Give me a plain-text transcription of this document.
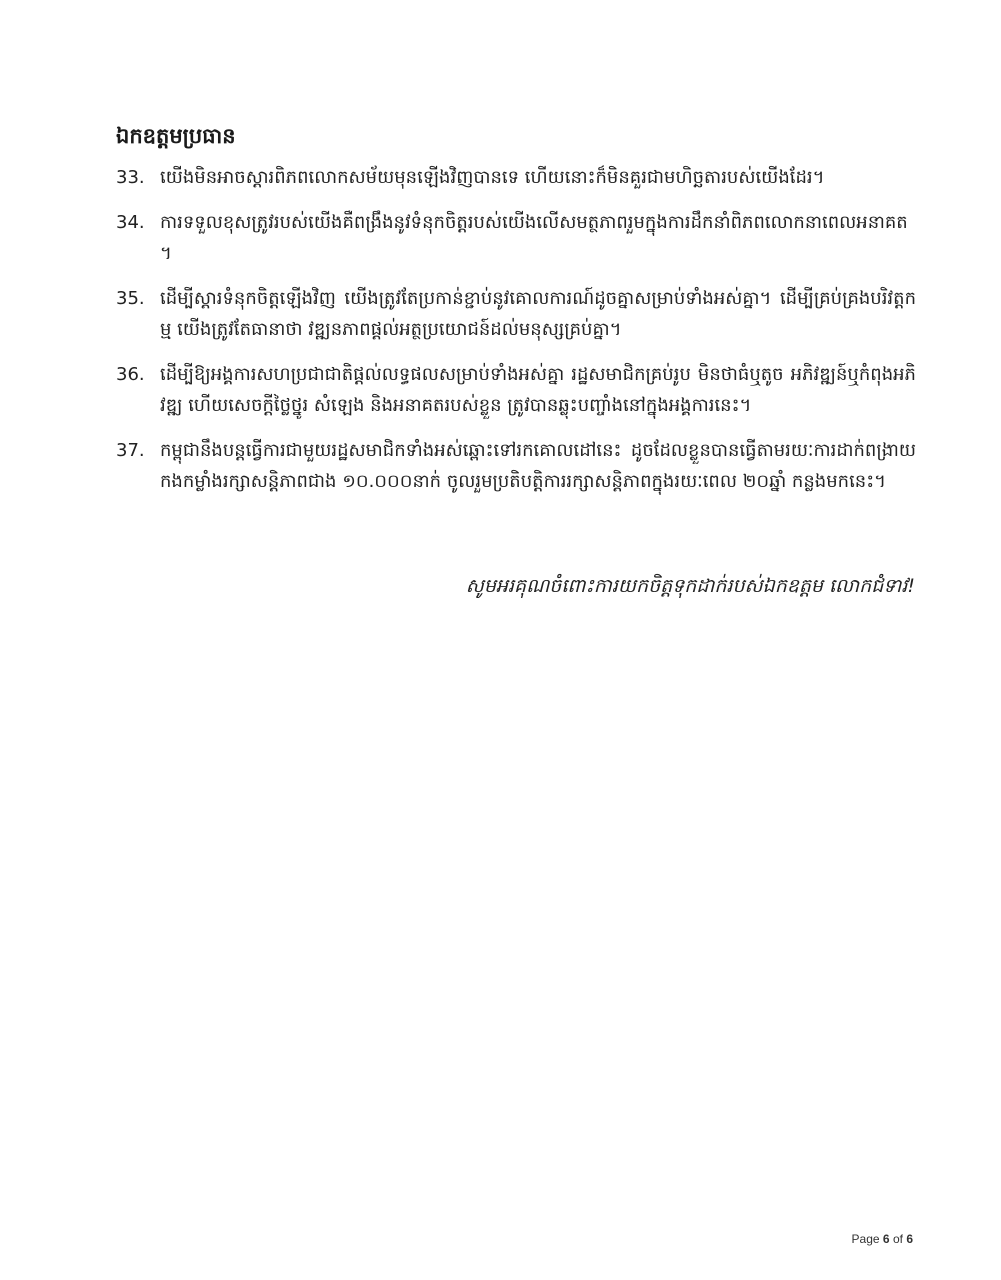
ឯកឧត្តមប្រធាន
33. យើងមិនអាចស្តារពិភពលោកសម័យមុនឡើងវិញបានទេ ហើយនោះក៏មិនគួរជាមហិច្ឆតារបស់យើងដែរ។
34. ការទទួលខុសត្រូវរបស់យើងគឺពង្រឹងនូវទំនុកចិត្តរបស់យើងលើសមត្ថភាពរួមក្នុងការដឹកនាំពិភពលោកនាពេលអនាគត។
35. ដើម្បីស្តារទំនុកចិត្តឡើងវិញ យើងត្រូវតែប្រកាន់ខ្ជាប់នូវគោលការណ៍ដូចគ្នាសម្រាប់ទាំងអស់គ្នា។ ដើម្បីគ្រប់គ្រងបរិវត្តកម្ម យើងត្រូវតែធានាថា វឌ្ឍនភាពផ្តល់អត្ថប្រយោជន៍ដល់មនុស្សគ្រប់គ្នា។
36. ដើម្បីឱ្យអង្គការសហប្រជាជាតិផ្តល់លទ្ធផលសម្រាប់ទាំងអស់គ្នា រដ្ឋសមាជិកគ្រប់រូប មិនថាធំឬតូច អភិវឌ្ឍន៍ឬកំពុងអភិវឌ្ឍ ហើយសេចក្តីថ្លៃថ្នូរ សំឡេង និងអនាគតរបស់ខ្លួន ត្រូវបានឆ្លុះបញ្ចាំងនៅក្នុងអង្គការនេះ។
37. កម្ពុជានឹងបន្តធ្វើការជាមួយរដ្ឋសមាជិកទាំងអស់ឆ្ពោះទៅរកគោលដៅនេះ ដូចដែលខ្លួនបានធ្វើតាមរយៈការដាក់ពង្រាយកងកម្លាំងរក្សាសន្តិភាពជាង ១០.០០០នាក់ ចូលរួមប្រតិបត្តិការរក្សាសន្តិភាពក្នុងរយៈពេល ២០ឆ្នាំ កន្លងមកនេះ។
សូមអរគុណចំពោះការយកចិត្តទុកដាក់របស់ឯកឧត្តម លោកជំទាវ!
Page 6 of 6
